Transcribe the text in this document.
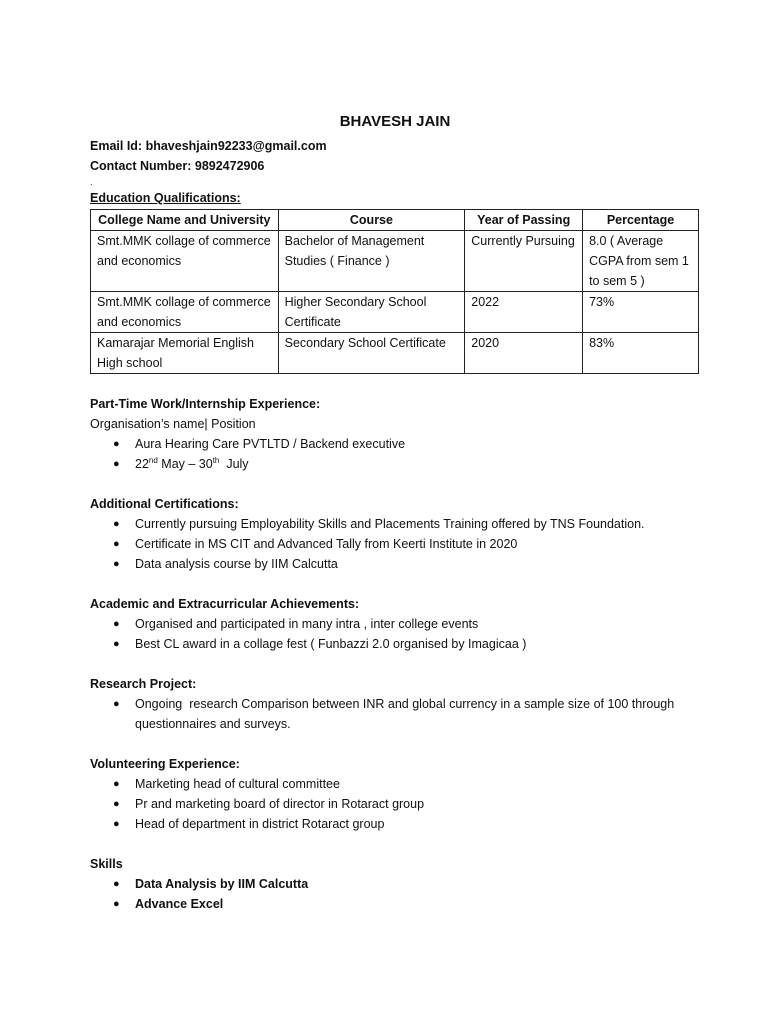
BHAVESH JAIN
Email Id: bhaveshjain92233@gmail.com
Contact Number: 9892472906
.
Education Qualifications:
College Name and University	Course	Year of Passing	Percentage
Smt.MMK collage of commerce and economics	Bachelor of Management Studies ( Finance )	Currently Pursuing	8.0 ( Average CGPA from sem 1 to sem 5 )
Smt.MMK collage of commerce and economics	Higher Secondary School Certificate	2022	73%
Kamarajar Memorial English High school	Secondary School Certificate	2020	83%
Part-Time Work/Internship Experience:
Organisation’s name| Position
● Aura Hearing Care PVTLTD / Backend executive
● 22nd May – 30th  July
Additional Certifications:
● Currently pursuing Employability Skills and Placements Training offered by TNS Foundation.
● Certificate in MS CIT and Advanced Tally from Keerti Institute in 2020
● Data analysis course by IIM Calcutta
Academic and Extracurricular Achievements:
● Organised and participated in many intra , inter college events
● Best CL award in a collage fest ( Funbazzi 2.0 organised by Imagicaa )
Research Project:
● Ongoing  research Comparison between INR and global currency in a sample size of 100 through questionnaires and surveys.
Volunteering Experience:
● Marketing head of cultural committee
● Pr and marketing board of director in Rotaract group
● Head of department in district Rotaract group
Skills
● Data Analysis by IIM Calcutta
● Advance Excel
